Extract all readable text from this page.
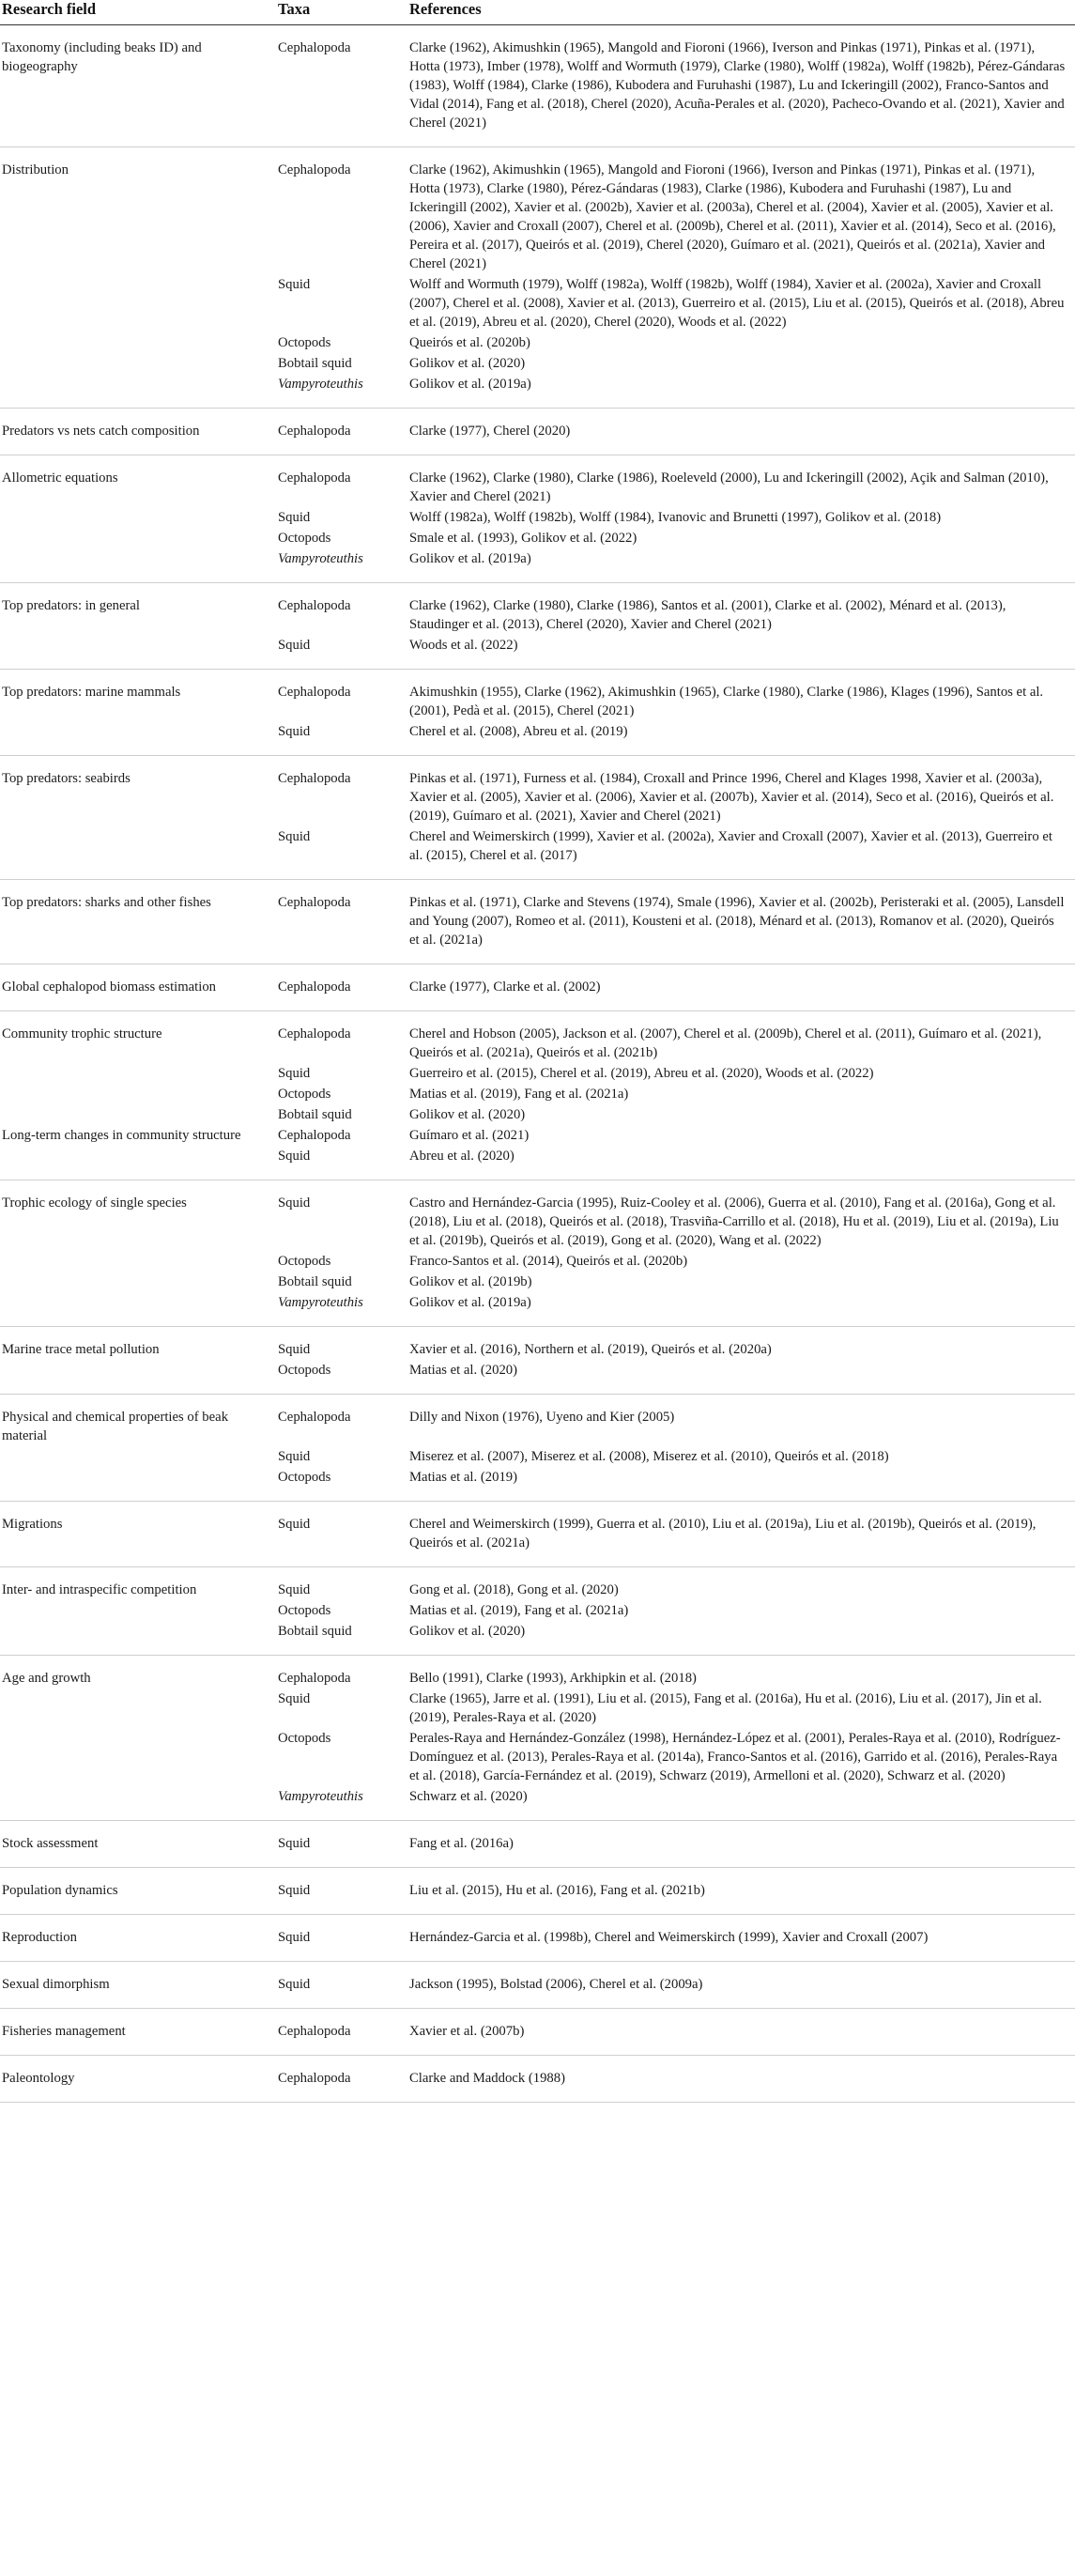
Research field	Taxa	References
Taxonomy (including beaks ID) and biogeography	Cephalopoda	Clarke (1962), Akimushkin (1965), Mangold and Fioroni (1966), Iverson and Pinkas (1971), Pinkas et al. (1971), Hotta (1973), Imber (1978), Wolff and Wormuth (1979), Clarke (1980), Wolff (1982a), Wolff (1982b), Pérez-Gándaras (1983), Wolff (1984), Clarke (1986), Kubodera and Furuhashi (1987), Lu and Ickeringill (2002), Franco-Santos and Vidal (2014), Fang et al. (2018), Cherel (2020), Acuña-Perales et al. (2020), Pacheco-Ovando et al. (2021), Xavier and Cherel (2021)
Distribution	Cephalopoda	Clarke (1962), Akimushkin (1965), Mangold and Fioroni (1966), Iverson and Pinkas (1971), Pinkas et al. (1971), Hotta (1973), Clarke (1980), Pérez-Gándaras (1983), Clarke (1986), Kubodera and Furuhashi (1987), Lu and Ickeringill (2002), Xavier et al. (2002b), Xavier et al. (2003a), Cherel et al. (2004), Xavier et al. (2005), Xavier et al. (2006), Xavier and Croxall (2007), Cherel et al. (2009b), Cherel et al. (2011), Xavier et al. (2014), Seco et al. (2016), Pereira et al. (2017), Queirós et al. (2019), Cherel (2020), Guímaro et al. (2021), Queirós et al. (2021a), Xavier and Cherel (2021)
	Squid	Wolff and Wormuth (1979), Wolff (1982a), Wolff (1982b), Wolff (1984), Xavier et al. (2002a), Xavier and Croxall (2007), Cherel et al. (2008), Xavier et al. (2013), Guerreiro et al. (2015), Liu et al. (2015), Queirós et al. (2018), Abreu et al. (2019), Abreu et al. (2020), Cherel (2020), Woods et al. (2022)
	Octopods	Queirós et al. (2020b)
	Bobtail squid	Golikov et al. (2020)
	Vampyroteuthis	Golikov et al. (2019a)
Predators vs nets catch composition	Cephalopoda	Clarke (1977), Cherel (2020)
Allometric equations	Cephalopoda	Clarke (1962), Clarke (1980), Clarke (1986), Roeleveld (2000), Lu and Ickeringill (2002), Açik and Salman (2010), Xavier and Cherel (2021)
	Squid	Wolff (1982a), Wolff (1982b), Wolff (1984), Ivanovic and Brunetti (1997), Golikov et al. (2018)
	Octopods	Smale et al. (1993), Golikov et al. (2022)
	Vampyroteuthis	Golikov et al. (2019a)
Top predators: in general	Cephalopoda	Clarke (1962), Clarke (1980), Clarke (1986), Santos et al. (2001), Clarke et al. (2002), Ménard et al. (2013), Staudinger et al. (2013), Cherel (2020), Xavier and Cherel (2021)
	Squid	Woods et al. (2022)
Top predators: marine mammals	Cephalopoda	Akimushkin (1955), Clarke (1962), Akimushkin (1965), Clarke (1980), Clarke (1986), Klages (1996), Santos et al. (2001), Pedà et al. (2015), Cherel (2021)
	Squid	Cherel et al. (2008), Abreu et al. (2019)
Top predators: seabirds	Cephalopoda	Pinkas et al. (1971), Furness et al. (1984), Croxall and Prince 1996, Cherel and Klages 1998, Xavier et al. (2003a), Xavier et al. (2005), Xavier et al. (2006), Xavier et al. (2007b), Xavier et al. (2014), Seco et al. (2016), Queirós et al. (2019), Guímaro et al. (2021), Xavier and Cherel (2021)
	Squid	Cherel and Weimerskirch (1999), Xavier et al. (2002a), Xavier and Croxall (2007), Xavier et al. (2013), Guerreiro et al. (2015), Cherel et al. (2017)
Top predators: sharks and other fishes	Cephalopoda	Pinkas et al. (1971), Clarke and Stevens (1974), Smale (1996), Xavier et al. (2002b), Peristeraki et al. (2005), Lansdell and Young (2007), Romeo et al. (2011), Kousteni et al. (2018), Ménard et al. (2013), Romanov et al. (2020), Queirós et al. (2021a)
Global cephalopod biomass estimation	Cephalopoda	Clarke (1977), Clarke et al. (2002)
Community trophic structure	Cephalopoda	Cherel and Hobson (2005), Jackson et al. (2007), Cherel et al. (2009b), Cherel et al. (2011), Guímaro et al. (2021), Queirós et al. (2021a), Queirós et al. (2021b)
	Squid	Guerreiro et al. (2015), Cherel et al. (2019), Abreu et al. (2020), Woods et al. (2022)
	Octopods	Matias et al. (2019), Fang et al. (2021a)
	Bobtail squid	Golikov et al. (2020)
Long-term changes in community structure	Cephalopoda	Guímaro et al. (2021)
	Squid	Abreu et al. (2020)
Trophic ecology of single species	Squid	Castro and Hernández-Garcia (1995), Ruiz-Cooley et al. (2006), Guerra et al. (2010), Fang et al. (2016a), Gong et al. (2018), Liu et al. (2018), Queirós et al. (2018), Trasviña-Carrillo et al. (2018), Hu et al. (2019), Liu et al. (2019a), Liu et al. (2019b), Queirós et al. (2019), Gong et al. (2020), Wang et al. (2022)
	Octopods	Franco-Santos et al. (2014), Queirós et al. (2020b)
	Bobtail squid	Golikov et al. (2019b)
	Vampyroteuthis	Golikov et al. (2019a)
Marine trace metal pollution	Squid	Xavier et al. (2016), Northern et al. (2019), Queirós et al. (2020a)
	Octopods	Matias et al. (2020)
Physical and chemical properties of beak material	Cephalopoda	Dilly and Nixon (1976), Uyeno and Kier (2005)
	Squid	Miserez et al. (2007), Miserez et al. (2008), Miserez et al. (2010), Queirós et al. (2018)
	Octopods	Matias et al. (2019)
Migrations	Squid	Cherel and Weimerskirch (1999), Guerra et al. (2010), Liu et al. (2019a), Liu et al. (2019b), Queirós et al. (2019), Queirós et al. (2021a)
Inter- and intraspecific competition	Squid	Gong et al. (2018), Gong et al. (2020)
	Octopods	Matias et al. (2019), Fang et al. (2021a)
	Bobtail squid	Golikov et al. (2020)
Age and growth	Cephalopoda	Bello (1991), Clarke (1993), Arkhipkin et al. (2018)
	Squid	Clarke (1965), Jarre et al. (1991), Liu et al. (2015), Fang et al. (2016a), Hu et al. (2016), Liu et al. (2017), Jin et al. (2019), Perales-Raya et al. (2020)
	Octopods	Perales-Raya and Hernández-González (1998), Hernández-López et al. (2001), Perales-Raya et al. (2010), Rodríguez-Domínguez et al. (2013), Perales-Raya et al. (2014a), Franco-Santos et al. (2016), Garrido et al. (2016), Perales-Raya et al. (2018), García-Fernández et al. (2019), Schwarz (2019), Armelloni et al. (2020), Schwarz et al. (2020)
	Vampyroteuthis	Schwarz et al. (2020)
Stock assessment	Squid	Fang et al. (2016a)
Population dynamics	Squid	Liu et al. (2015), Hu et al. (2016), Fang et al. (2021b)
Reproduction	Squid	Hernández-Garcia et al. (1998b), Cherel and Weimerskirch (1999), Xavier and Croxall (2007)
Sexual dimorphism	Squid	Jackson (1995), Bolstad (2006), Cherel et al. (2009a)
Fisheries management	Cephalopoda	Xavier et al. (2007b)
Paleontology	Cephalopoda	Clarke and Maddock (1988)
